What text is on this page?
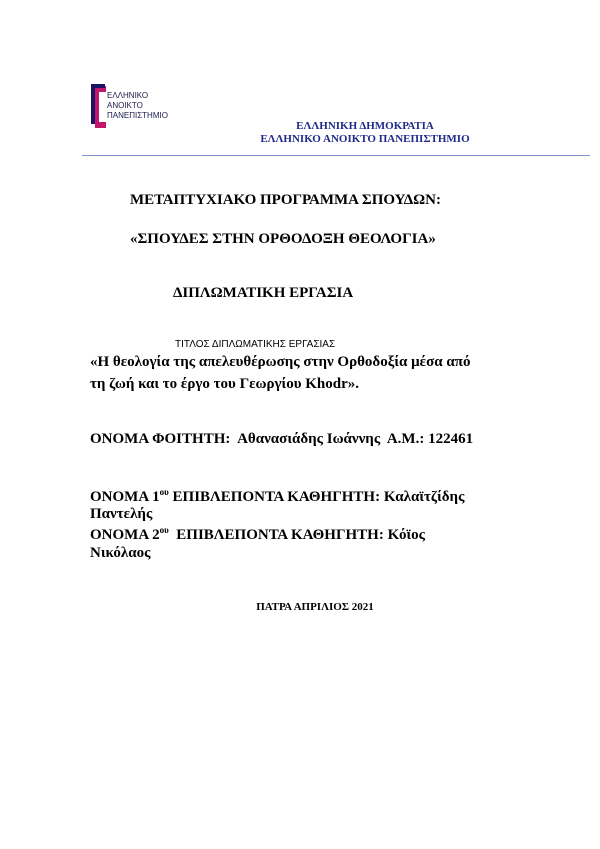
ΕΛΛΗΝΙΚΟ
ΑΝΟΙΚΤΟ
ΠΑΝΕΠΙΣΤΗΜΙΟ
ΕΛΛΗΝΙΚΗ ΔΗΜΟΚΡΑΤΙΑ
ΕΛΛΗΝΙΚΟ ΑΝΟΙΚΤΟ ΠΑΝΕΠΙΣΤΗΜΙΟ
ΜΕΤΑΠΤΥΧΙΑΚΟ ΠΡΟΓΡΑΜΜΑ ΣΠΟΥΔΩΝ:
«ΣΠΟΥΔΕΣ ΣΤΗΝ ΟΡΘΟΔΟΞΗ ΘΕΟΛΟΓΙΑ»
ΔΙΠΛΩΜΑΤΙΚΗ ΕΡΓΑΣΙΑ
ΤΙΤΛΟΣ ΔΙΠΛΩΜΑΤΙΚΗΣ ΕΡΓΑΣΙΑΣ
«Η θεολογία της απελευθέρωσης στην Ορθοδοξία μέσα από
τη ζωή και το έργο του Γεωργίου Khodr».
ΟΝΟΜΑ ΦΟΙΤΗΤΗ: Αθανασιάδης Ιωάννης Α.Μ.: 122461
ΟΝΟΜΑ $1^{o\upsilon}$ ΕΠΙΒΛΕΠΟΝΤΑ ΚΑΘΗΓΗΤΗ: Καλαϊτζίδης
Παντελής
ΟΝΟΜΑ $2^{o\upsilon}$ ΕΠΙΒΛΕΠΟΝΤΑ ΚΑΘΗΓΗΤΗ: Κόϊος
Νικόλαος
ΠΑΤΡΑ ΑΠΡΙΛΙΟΣ 2021
